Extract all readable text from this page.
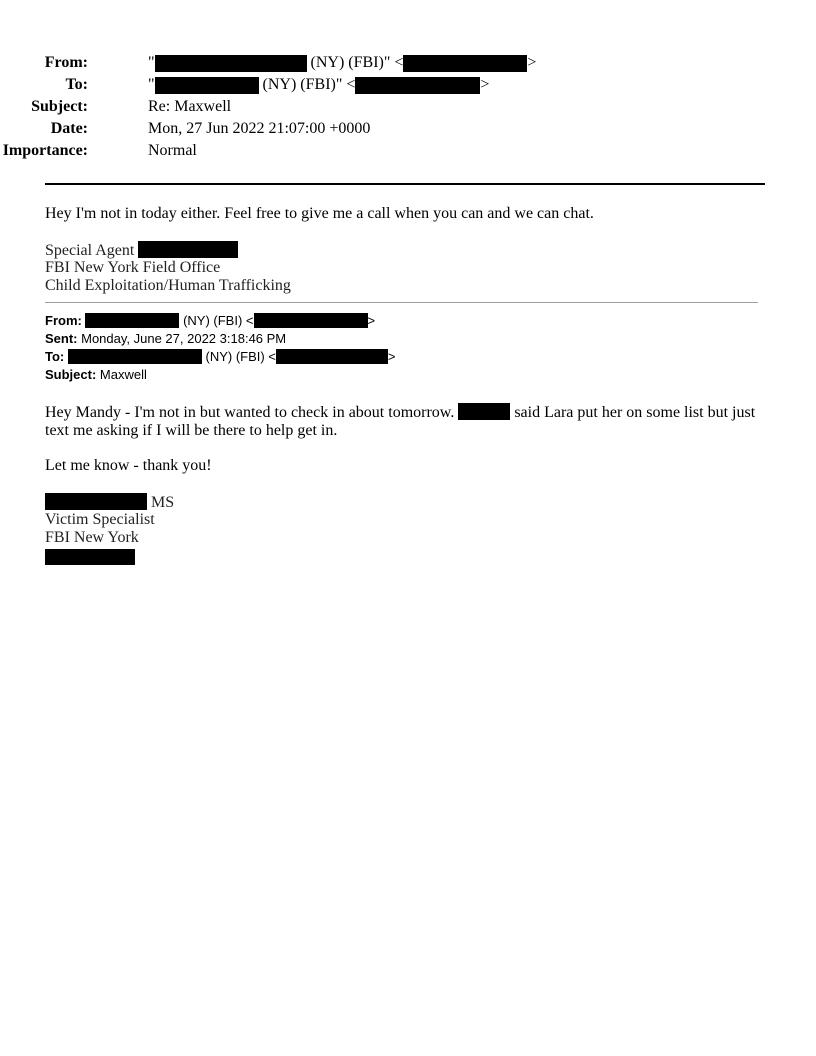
From:	"	(NY) (FBI)" <	>
To:	"	(NY) (FBI)" <	>
Subject:	Re: Maxwell
Date:	Mon, 27 Jun 2022 21:07:00 +0000
Importance:	Normal
Hey I'm not in today either. Feel free to give me a call when you can and we can chat.
Special Agent
FBI New York Field Office
Child Exploitation/Human Trafficking
From:	(NY) (FBI) <	>
Sent: Monday, June 27, 2022 3:18:46 PM
To:	(NY) (FBI) <	>
Subject: Maxwell
Hey Mandy - I'm not in but wanted to check in about tomorrow.	said Lara put her on some list but just text me asking if I will be there to help get in.
Let me know - thank you!
MS
Victim Specialist
FBI New York
